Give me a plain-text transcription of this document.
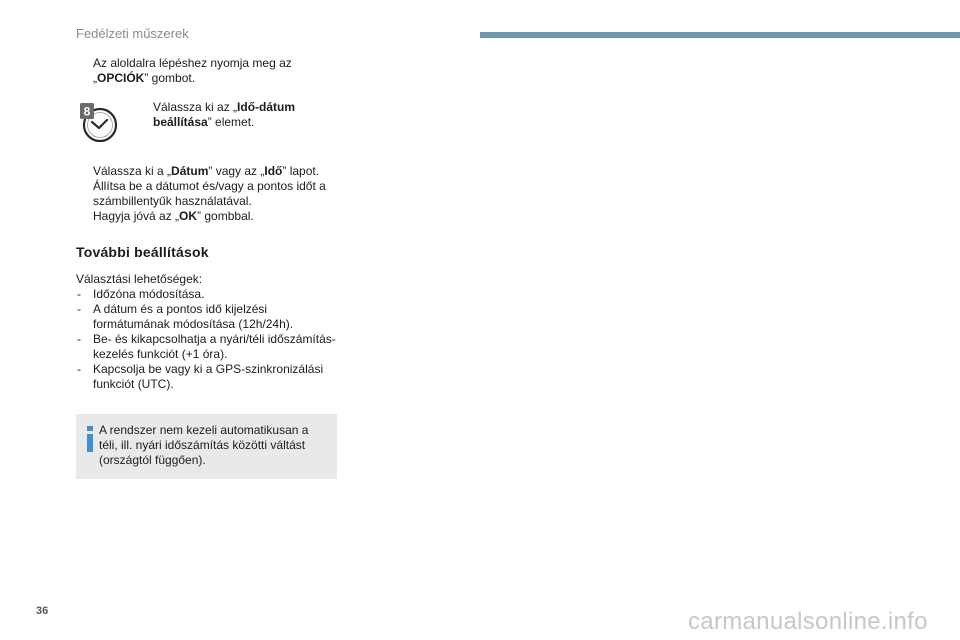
Fedélzeti műszerek
Az aloldalra lépéshez nyomja meg az „OPCIÓK” gombot.
8	Válassza ki az „Idő-dátum beállítása” elemet.
Válassza ki a „Dátum” vagy az „Idő” lapot.
Állítsa be a dátumot és/vagy a pontos időt a számbillentyűk használatával.
Hagyja jóvá az „OK” gombbal.
További beállítások
Választási lehetőségek:
- Időzóna módosítása.
- A dátum és a pontos idő kijelzési formátumának módosítása (12h/24h).
- Be- és kikapcsolhatja a nyári/téli időszámítás-kezelés funkciót (+1 óra).
- Kapcsolja be vagy ki a GPS-szinkronizálási funkciót (UTC).
A rendszer nem kezeli automatikusan a téli, ill. nyári időszámítás közötti váltást (országtól függően).
36	carmanualsonline.info
